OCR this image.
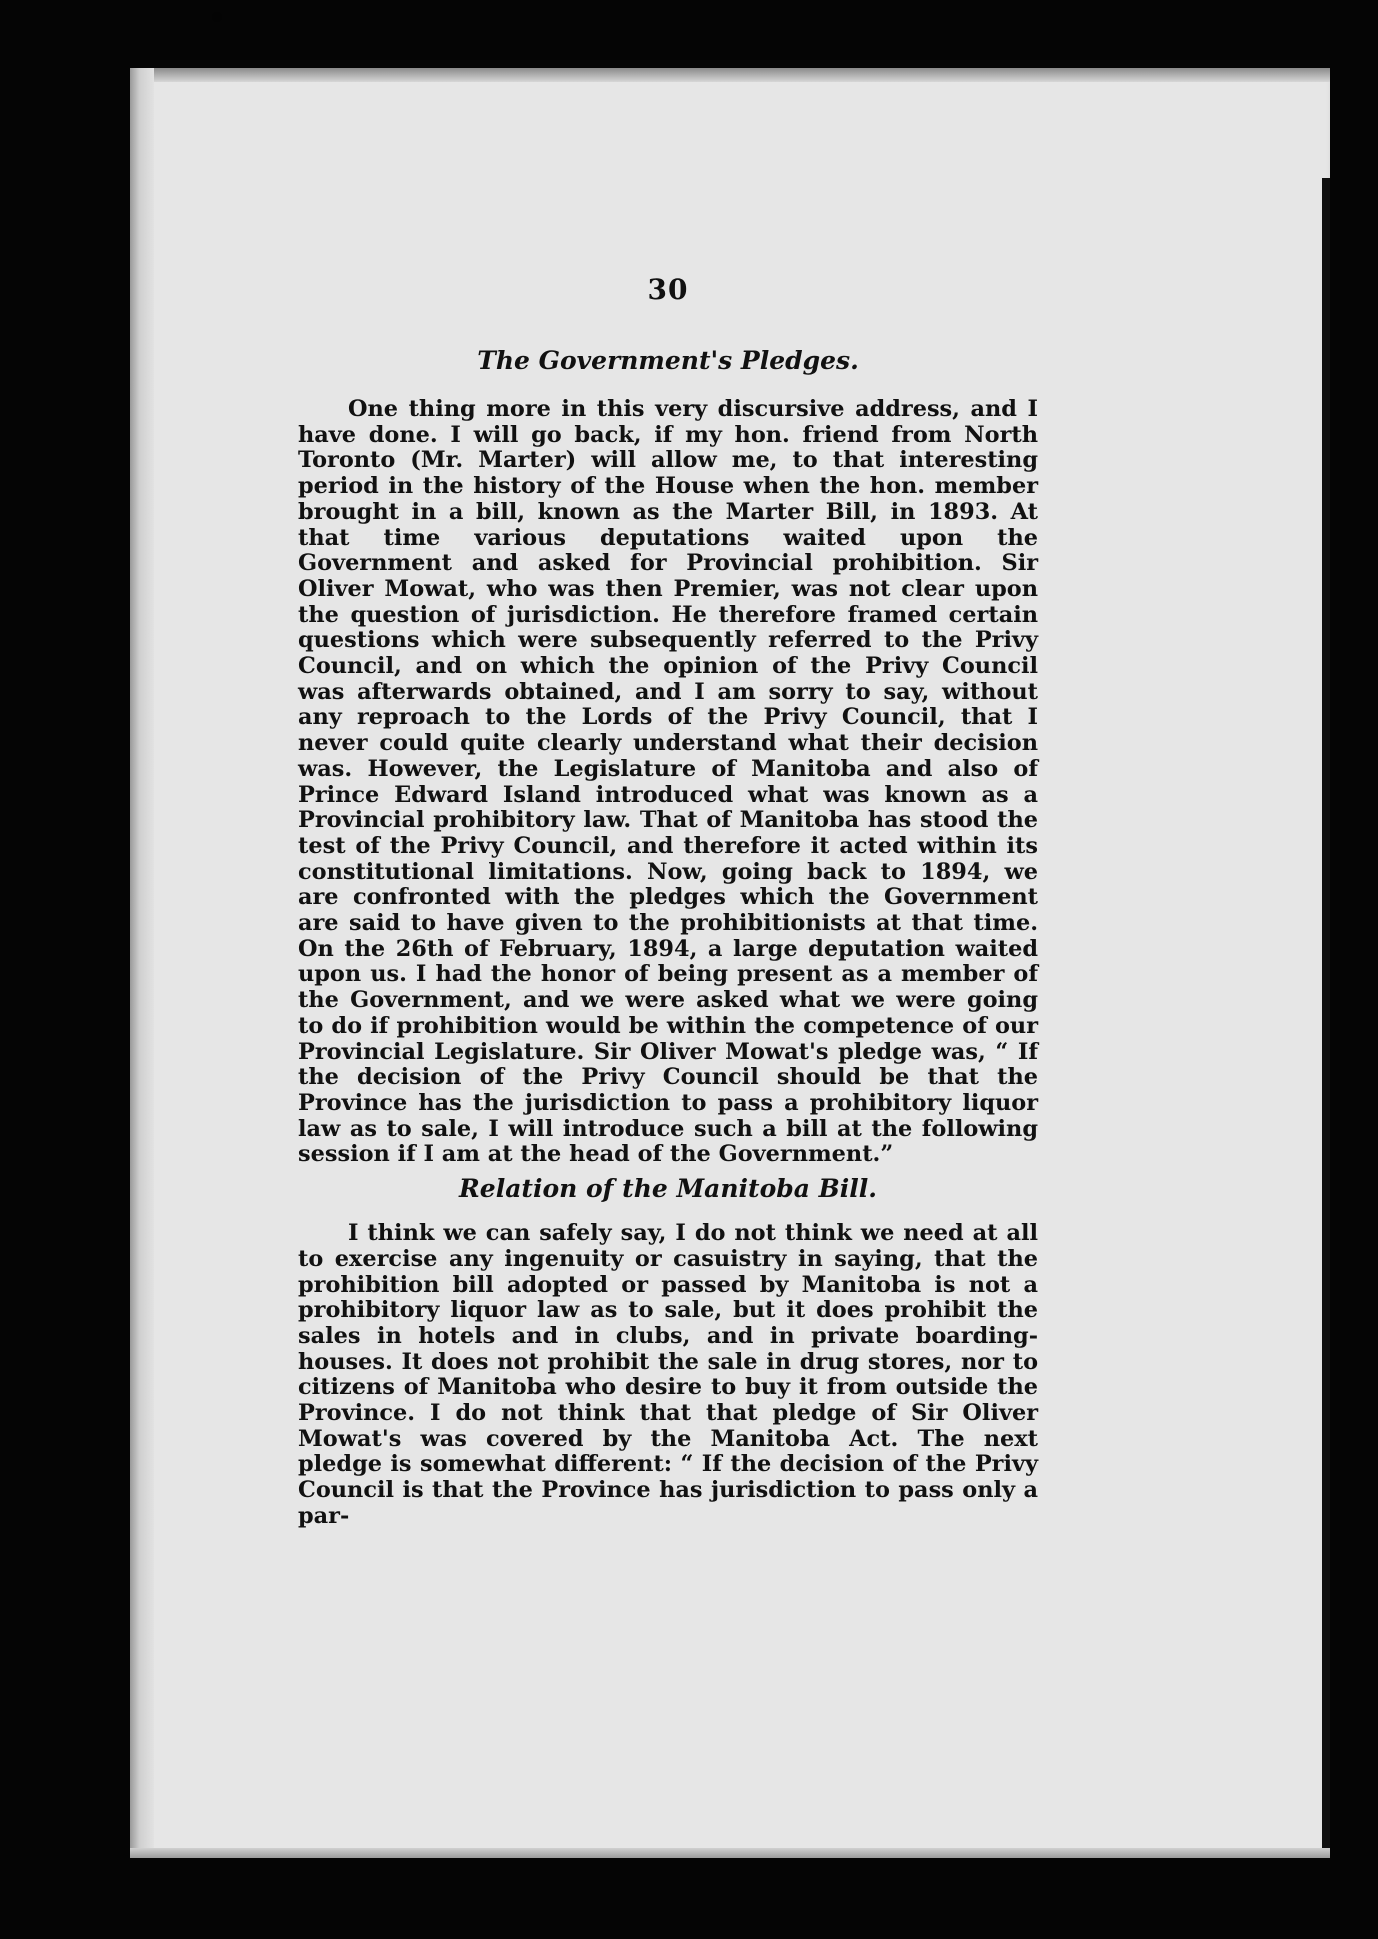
30
The Government's Pledges.

One thing more in this very discursive address, and I have done. I will go back, if my hon. friend from North Toronto (Mr. Marter) will allow me, to that interesting period in the history of the House when the hon. member brought in a bill, known as the Marter Bill, in 1893. At that time various deputations waited upon the Government and asked for Provincial prohibition. Sir Oliver Mowat, who was then Premier, was not clear upon the question of jurisdiction. He therefore framed certain questions which were subsequently referred to the Privy Council, and on which the opinion of the Privy Council was afterwards obtained, and I am sorry to say, without any reproach to the Lords of the Privy Council, that I never could quite clearly understand what their decision was. However, the Legislature of Manitoba and also of Prince Edward Island introduced what was known as a Provincial prohibitory law. That of Manitoba has stood the test of the Privy Council, and therefore it acted within its constitutional limitations. Now, going back to 1894, we are confronted with the pledges which the Government are said to have given to the prohibitionists at that time. On the 26th of February, 1894, a large deputation waited upon us. I had the honor of being present as a member of the Government, and we were asked what we were going to do if prohibition would be within the competence of our Provincial Legislature. Sir Oliver Mowat's pledge was, “ If the decision of the Privy Council should be that the Province has the jurisdiction to pass a prohibitory liquor law as to sale, I will introduce such a bill at the following session if I am at the head of the Government.”

Relation of the Manitoba Bill.

I think we can safely say, I do not think we need at all to exercise any ingenuity or casuistry in saying, that the prohibition bill adopted or passed by Manitoba is not a prohibitory liquor law as to sale, but it does prohibit the sales in hotels and in clubs, and in private boarding-houses. It does not prohibit the sale in drug stores, nor to citizens of Manitoba who desire to buy it from outside the Province. I do not think that that pledge of Sir Oliver Mowat's was covered by the Manitoba Act. The next pledge is somewhat different: “ If the decision of the Privy Council is that the Province has jurisdiction to pass only a par-
